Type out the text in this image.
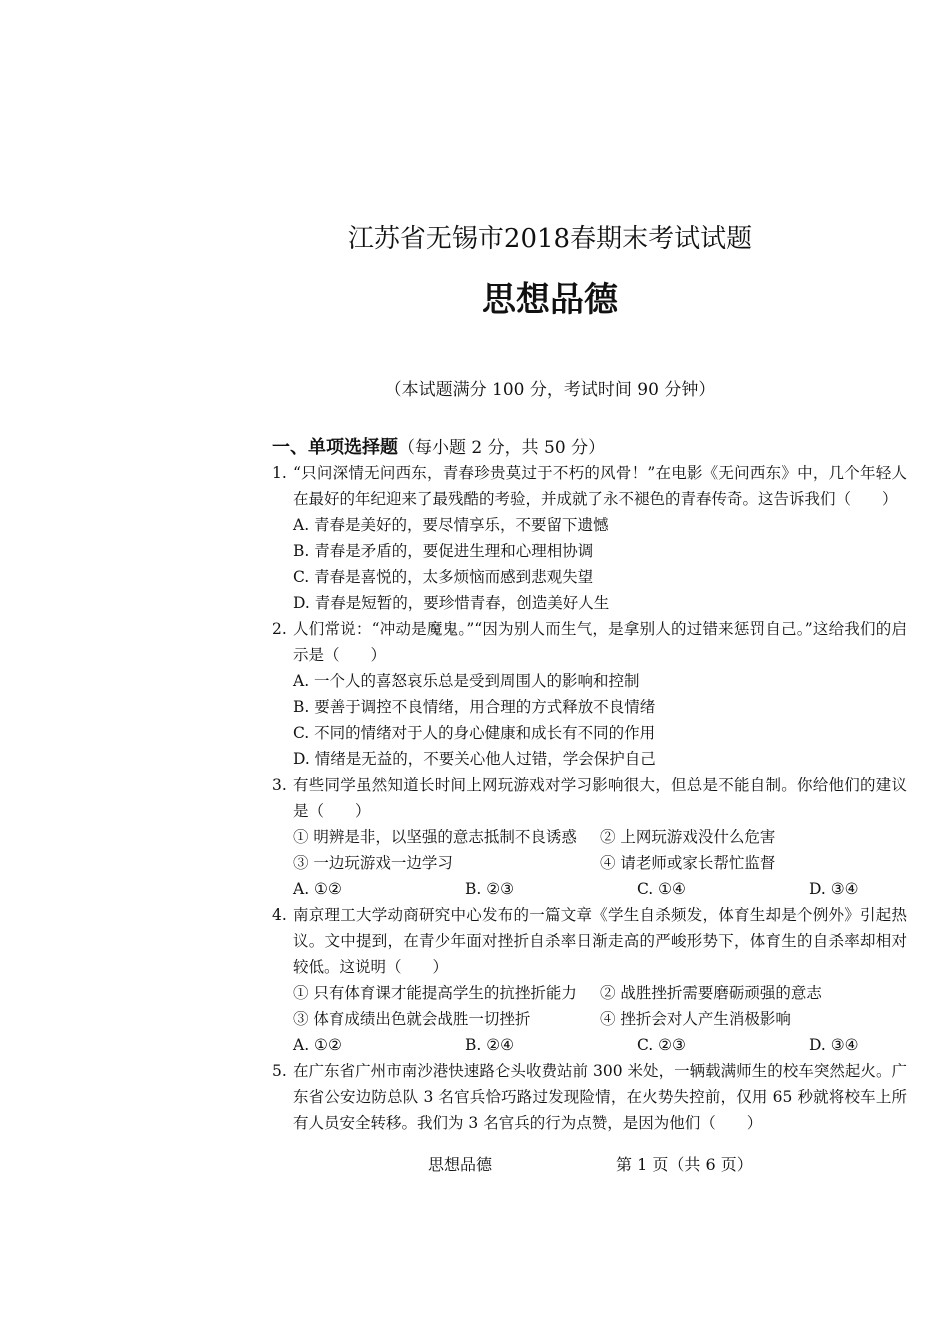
江苏省无锡市2018春期末考试试题
思想品德
（本试题满分 100 分，考试时间 90 分钟）
一、单项选择题（每小题 2 分，共 50 分）
1. “只问深情无问西东，青春珍贵莫过于不朽的风骨！”在电影《无问西东》中，几个年轻人在最好的年纪迎来了最残酷的考验，并成就了永不褪色的青春传奇。这告诉我们（　　）
A. 青春是美好的，要尽情享乐，不要留下遗憾
B. 青春是矛盾的，要促进生理和心理相协调
C. 青春是喜悦的，太多烦恼而感到悲观失望
D. 青春是短暂的，要珍惜青春，创造美好人生
2. 人们常说：“冲动是魔鬼。”“因为别人而生气，是拿别人的过错来惩罚自己。”这给我们的启示是（　　）
A. 一个人的喜怒哀乐总是受到周围人的影响和控制
B. 要善于调控不良情绪，用合理的方式释放不良情绪
C. 不同的情绪对于人的身心健康和成长有不同的作用
D. 情绪是无益的，不要关心他人过错，学会保护自己
3. 有些同学虽然知道长时间上网玩游戏对学习影响很大，但总是不能自制。你给他们的建议是（　　）
① 明辨是非，以坚强的意志抵制不良诱惑	② 上网玩游戏没什么危害
③ 一边玩游戏一边学习	④ 请老师或家长帮忙监督
A. ①②	B. ②③	C. ①④	D. ③④
4. 南京理工大学动商研究中心发布的一篇文章《学生自杀频发，体育生却是个例外》引起热议。文中提到，在青少年面对挫折自杀率日渐走高的严峻形势下，体育生的自杀率却相对较低。这说明（　　）
① 只有体育课才能提高学生的抗挫折能力	② 战胜挫折需要磨砺顽强的意志
③ 体育成绩出色就会战胜一切挫折	④ 挫折会对人产生消极影响
A. ①②	B. ②④	C. ②③	D. ③④
5. 在广东省广州市南沙港快速路仑头收费站前 300 米处，一辆载满师生的校车突然起火。广东省公安边防总队 3 名官兵恰巧路过发现险情，在火势失控前，仅用 65 秒就将校车上所有人员安全转移。我们为 3 名官兵的行为点赞，是因为他们（　　）
思想品德	第 1 页（共 6 页）
